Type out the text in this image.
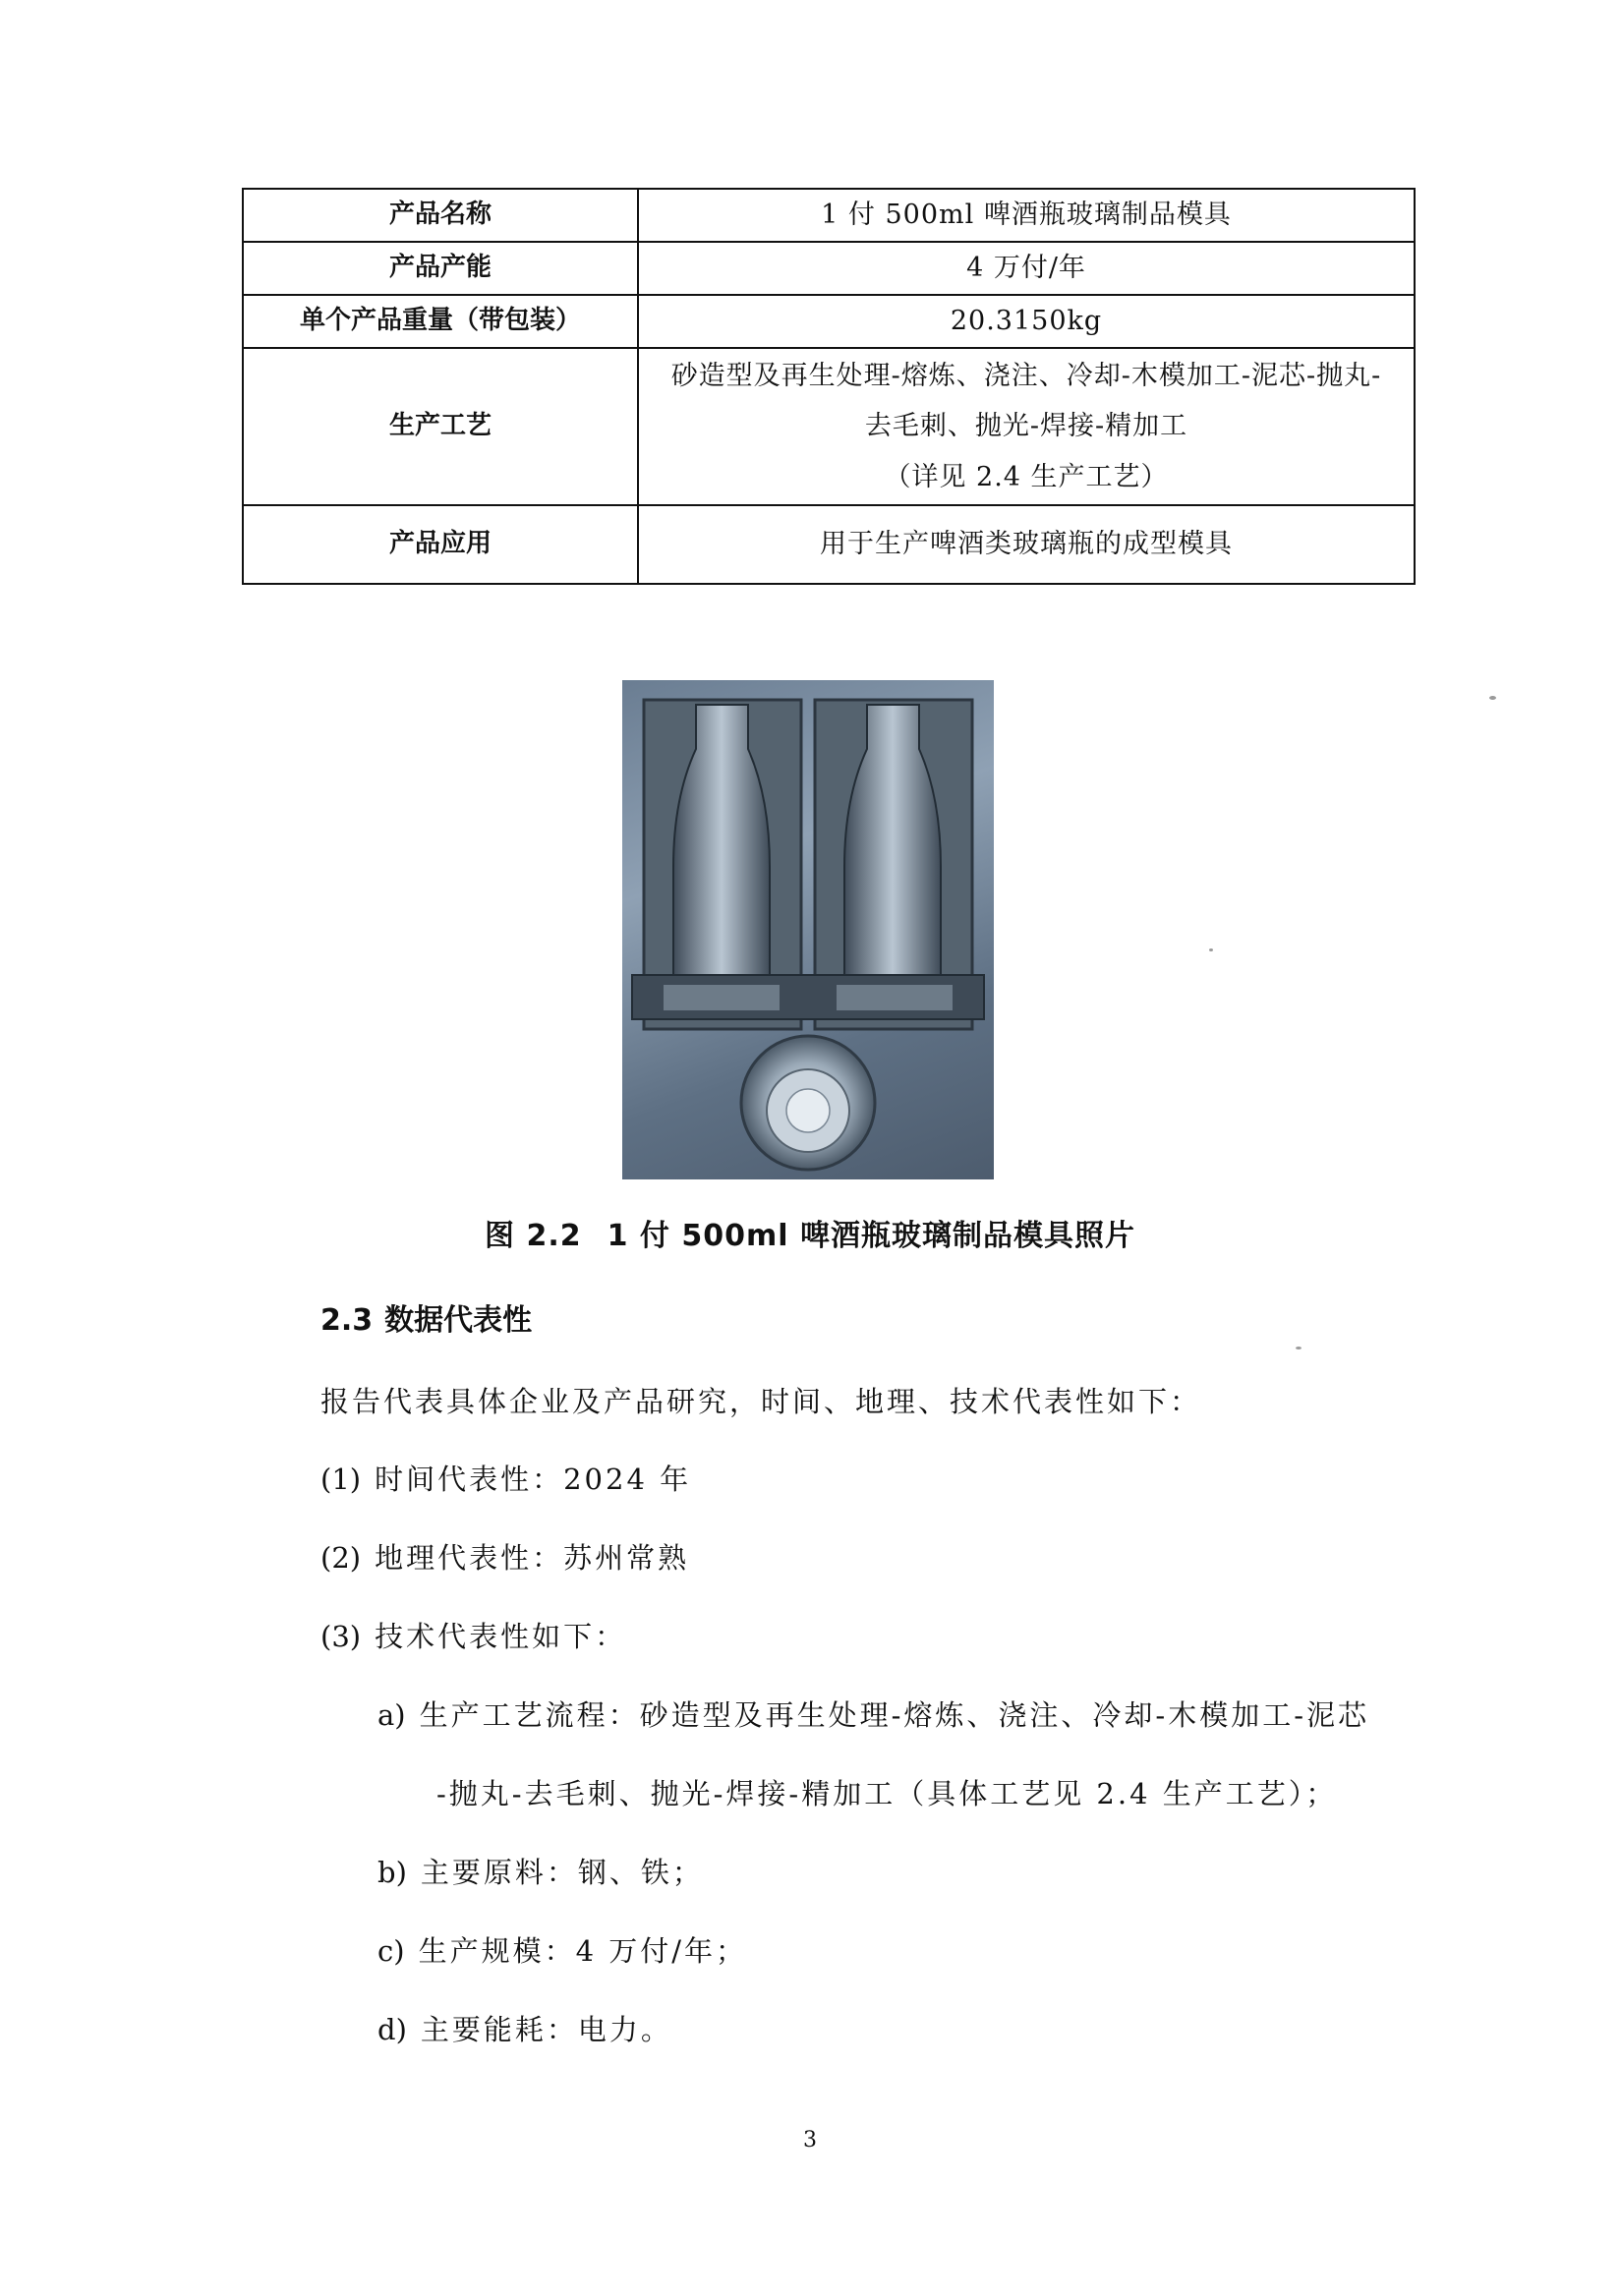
产品名称	1 付 500ml 啤酒瓶玻璃制品模具

产品产能	4 万付/年

单个产品重量（带包装）	20.3150kg

生产工艺	砂造型及再生处理-熔炼、浇注、冷却-木模加工-泥芯-抛丸-
去毛刺、抛光-焊接-精加工
（详见 2.4 生产工艺）

产品应用	用于生产啤酒类玻璃瓶的成型模具
图 2.2 1 付 500ml 啤酒瓶玻璃制品模具照片
2.3 数据代表性
报告代表具体企业及产品研究，时间、地理、技术代表性如下：
(1) 时间代表性：2024 年
(2) 地理代表性：苏州常熟
(3) 技术代表性如下：
a) 生产工艺流程：砂造型及再生处理-熔炼、浇注、冷却-木模加工-泥芯
-抛丸-去毛刺、抛光-焊接-精加工（具体工艺见 2.4 生产工艺）；
b) 主要原料：钢、铁；
c) 生产规模：4 万付/年；
d) 主要能耗：电力。
3
